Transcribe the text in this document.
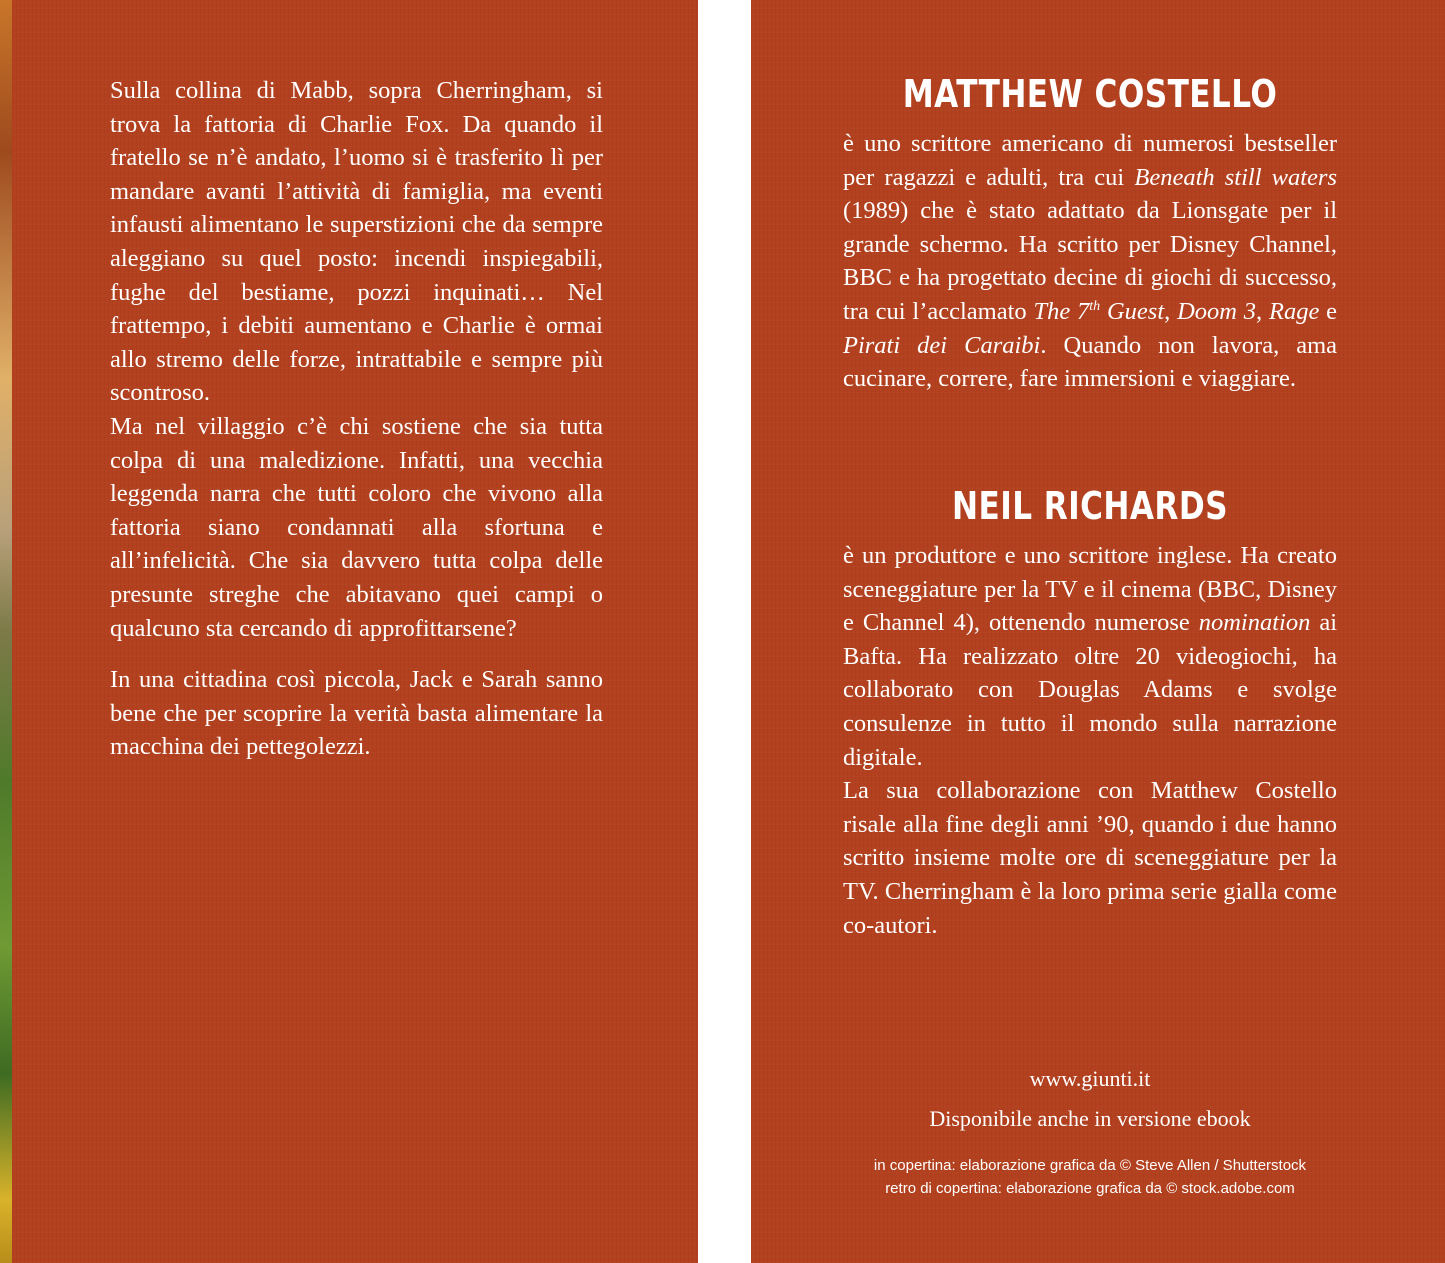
Sulla collina di Mabb, sopra Cherringham, si trova la fattoria di Charlie Fox. Da quando il fratello se n’è andato, l’uomo si è trasferito lì per mandare avanti l’attività di famiglia, ma eventi infausti alimentano le superstizioni che da sempre aleggiano su quel posto: incendi inspiegabili, fughe del bestiame, pozzi inquinati… Nel frattempo, i debiti aumentano e Charlie è ormai allo stremo delle forze, intrattabile e sempre più scontroso.

Ma nel villaggio c’è chi sostiene che sia tutta colpa di una maledizione. Infatti, una vecchia leggenda narra che tutti coloro che vivono alla fattoria siano condannati alla sfortuna e all’infelicità. Che sia davvero tutta colpa delle presunte streghe che abitavano quei campi o qualcuno sta cercando di approfittarsene?

In una cittadina così piccola, Jack e Sarah sanno bene che per scoprire la verità basta alimentare la macchina dei pettegolezzi.

MATTHEW COSTELLO

è uno scrittore americano di numerosi bestseller per ragazzi e adulti, tra cui Beneath still waters (1989) che è stato adattato da Lionsgate per il grande schermo. Ha scritto per Disney Channel, BBC e ha progettato decine di giochi di successo, tra cui l’acclamato The 7th Guest, Doom 3, Rage e Pirati dei Caraibi. Quando non lavora, ama cucinare, correre, fare immersioni e viaggiare.

NEIL RICHARDS

è un produttore e uno scrittore inglese. Ha creato sceneggiature per la TV e il cinema (BBC, Disney e Channel 4), ottenendo numerose nomination ai Bafta. Ha realizzato oltre 20 videogiochi, ha collaborato con Douglas Adams e svolge consulenze in tutto il mondo sulla narrazione digitale.

La sua collaborazione con Matthew Costello risale alla fine degli anni ’90, quando i due hanno scritto insieme molte ore di sceneggiature per la TV. Cherringham è la loro prima serie gialla come co-autori.

www.giunti.it
Disponibile anche in versione ebook
in copertina: elaborazione grafica da © Steve Allen / Shutterstock
retro di copertina: elaborazione grafica da © stock.adobe.com
